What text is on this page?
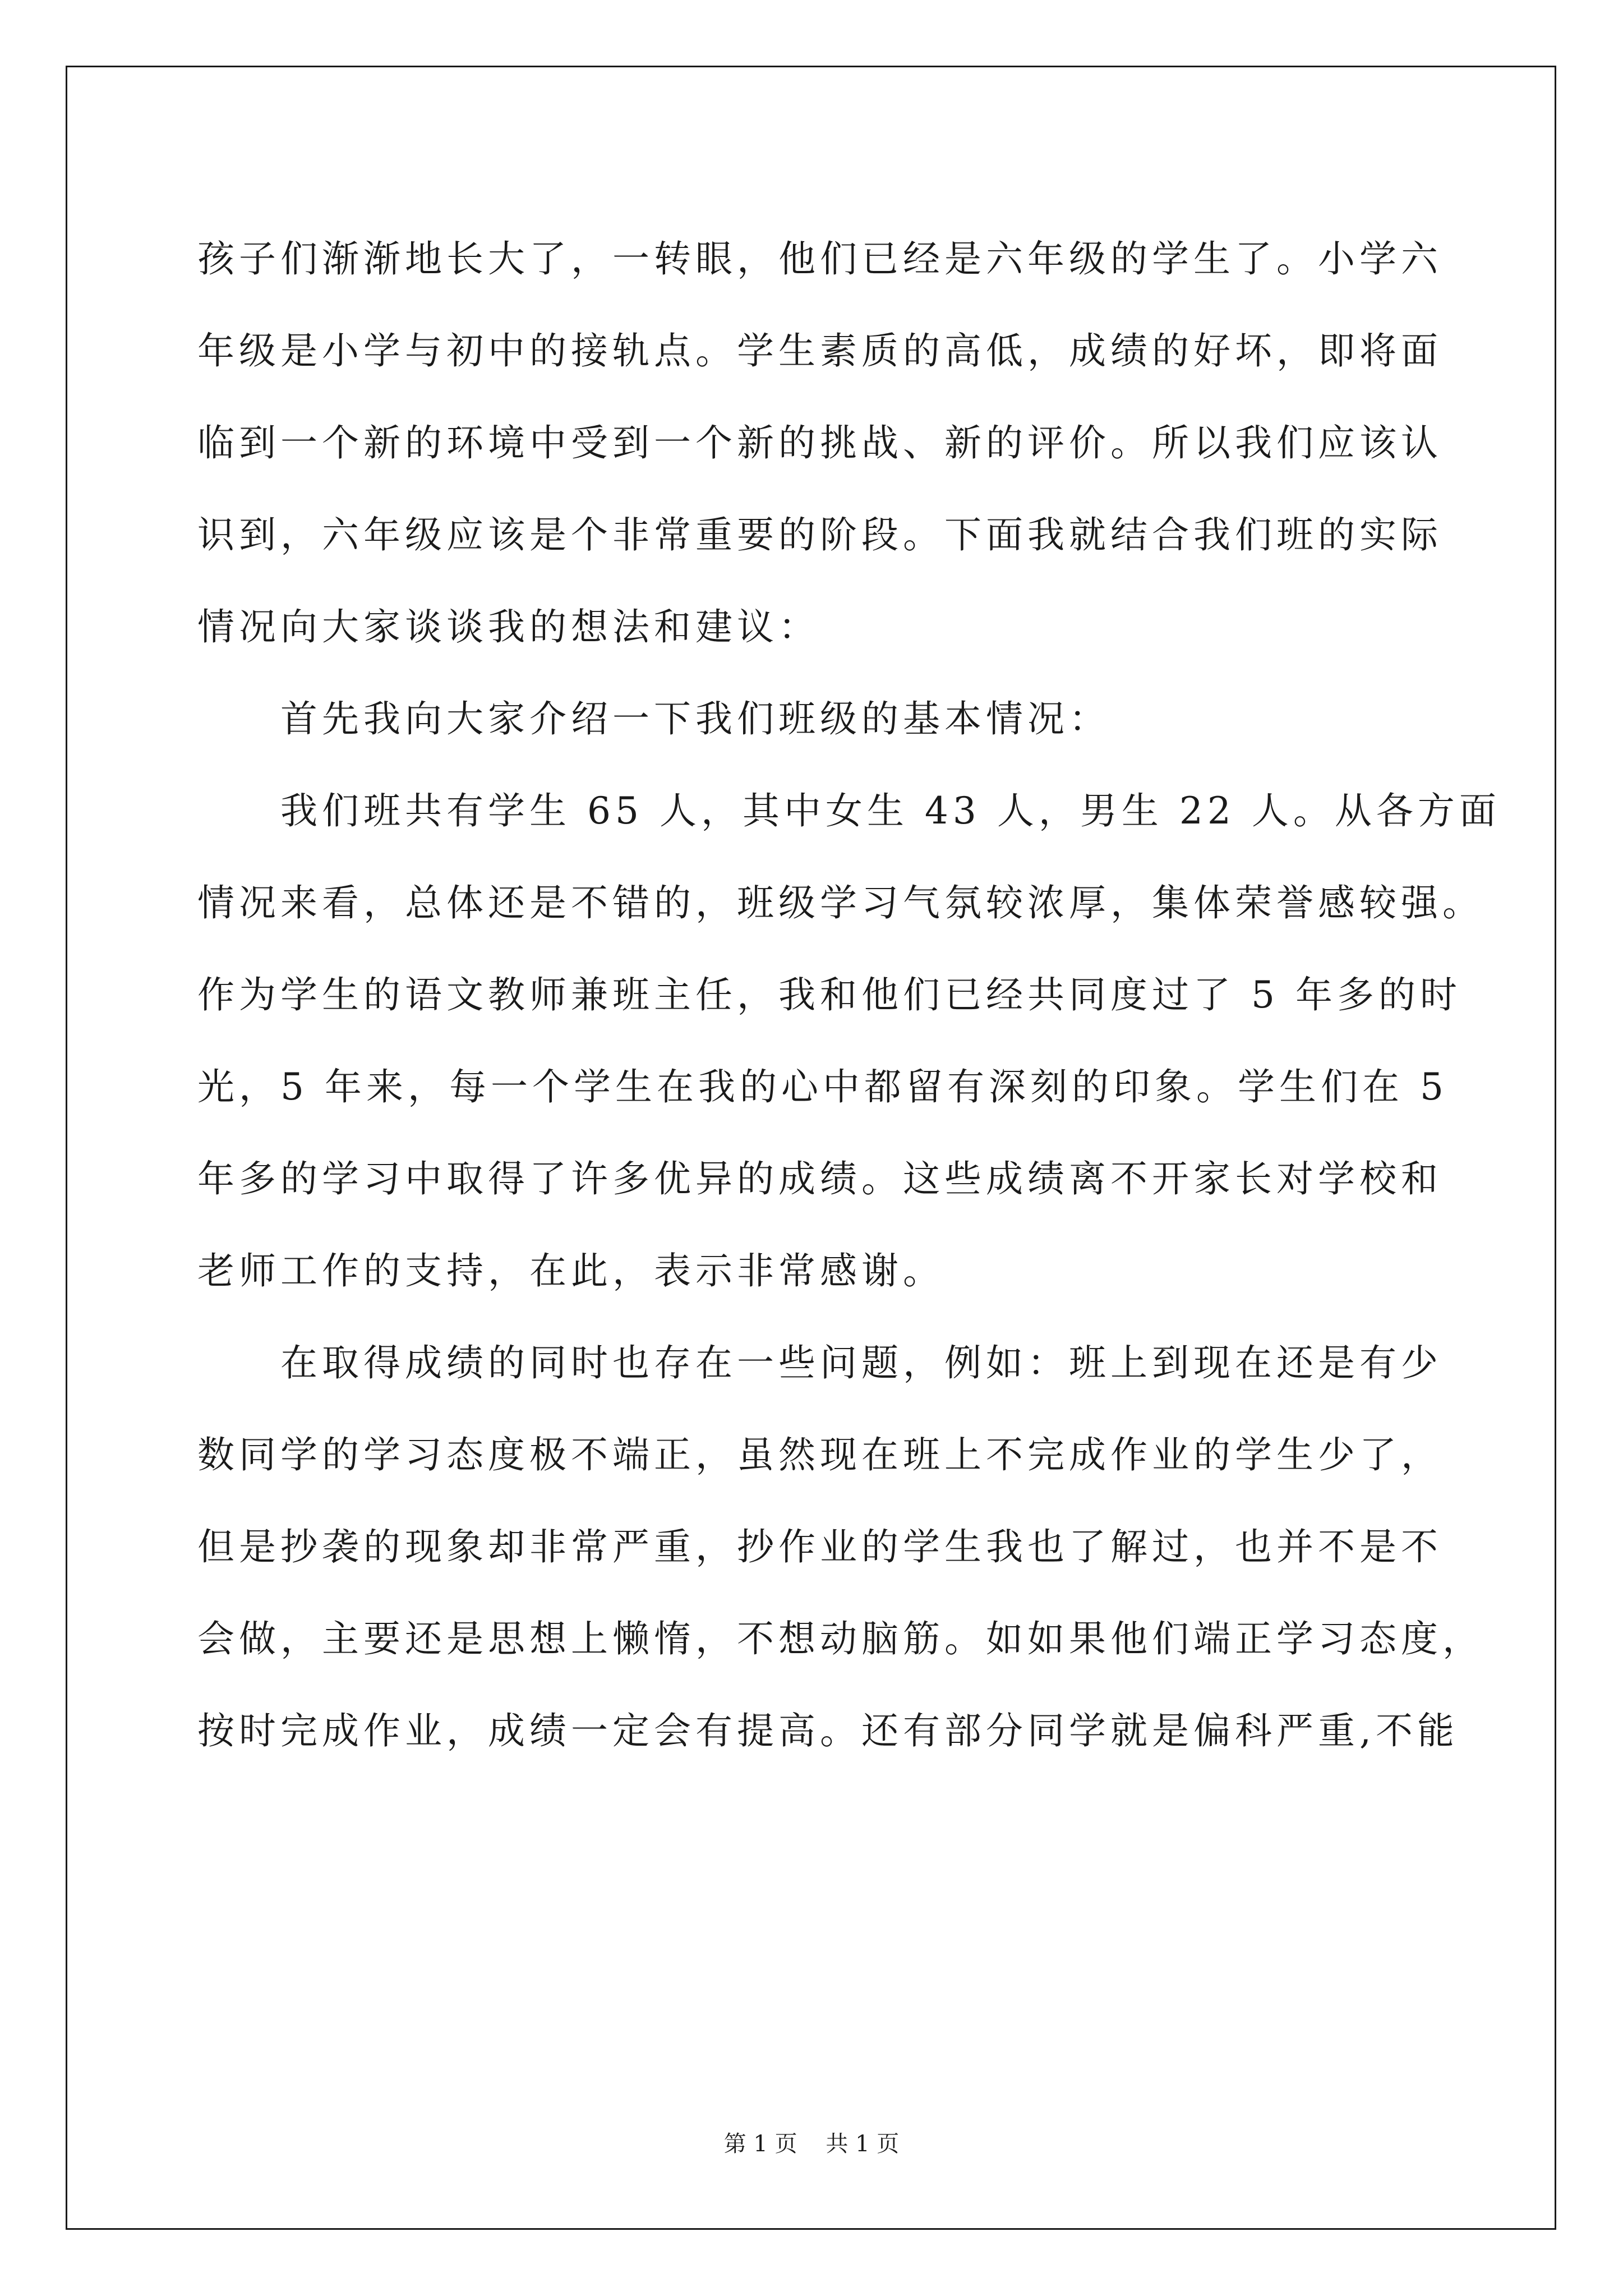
孩子们渐渐地长大了，一转眼，他们已经是六年级的学生了。小学六
年级是小学与初中的接轨点。学生素质的高低，成绩的好坏，即将面
临到一个新的环境中受到一个新的挑战、新的评价。所以我们应该认
识到，六年级应该是个非常重要的阶段。下面我就结合我们班的实际
情况向大家谈谈我的想法和建议：
首先我向大家介绍一下我们班级的基本情况：
我们班共有学生 65 人，其中女生 43 人，男生 22 人。从各方面
情况来看，总体还是不错的，班级学习气氛较浓厚，集体荣誉感较强。
作为学生的语文教师兼班主任，我和他们已经共同度过了 5 年多的时
光，5 年来，每一个学生在我的心中都留有深刻的印象。学生们在 5
年多的学习中取得了许多优异的成绩。这些成绩离不开家长对学校和
老师工作的支持，在此，表示非常感谢。
在取得成绩的同时也存在一些问题，例如：班上到现在还是有少
数同学的学习态度极不端正，虽然现在班上不完成作业的学生少了，
但是抄袭的现象却非常严重，抄作业的学生我也了解过，也并不是不
会做，主要还是思想上懒惰，不想动脑筋。如如果他们端正学习态度，
按时完成作业，成绩一定会有提高。还有部分同学就是偏科严重,不能
第 1 页    共 1 页
